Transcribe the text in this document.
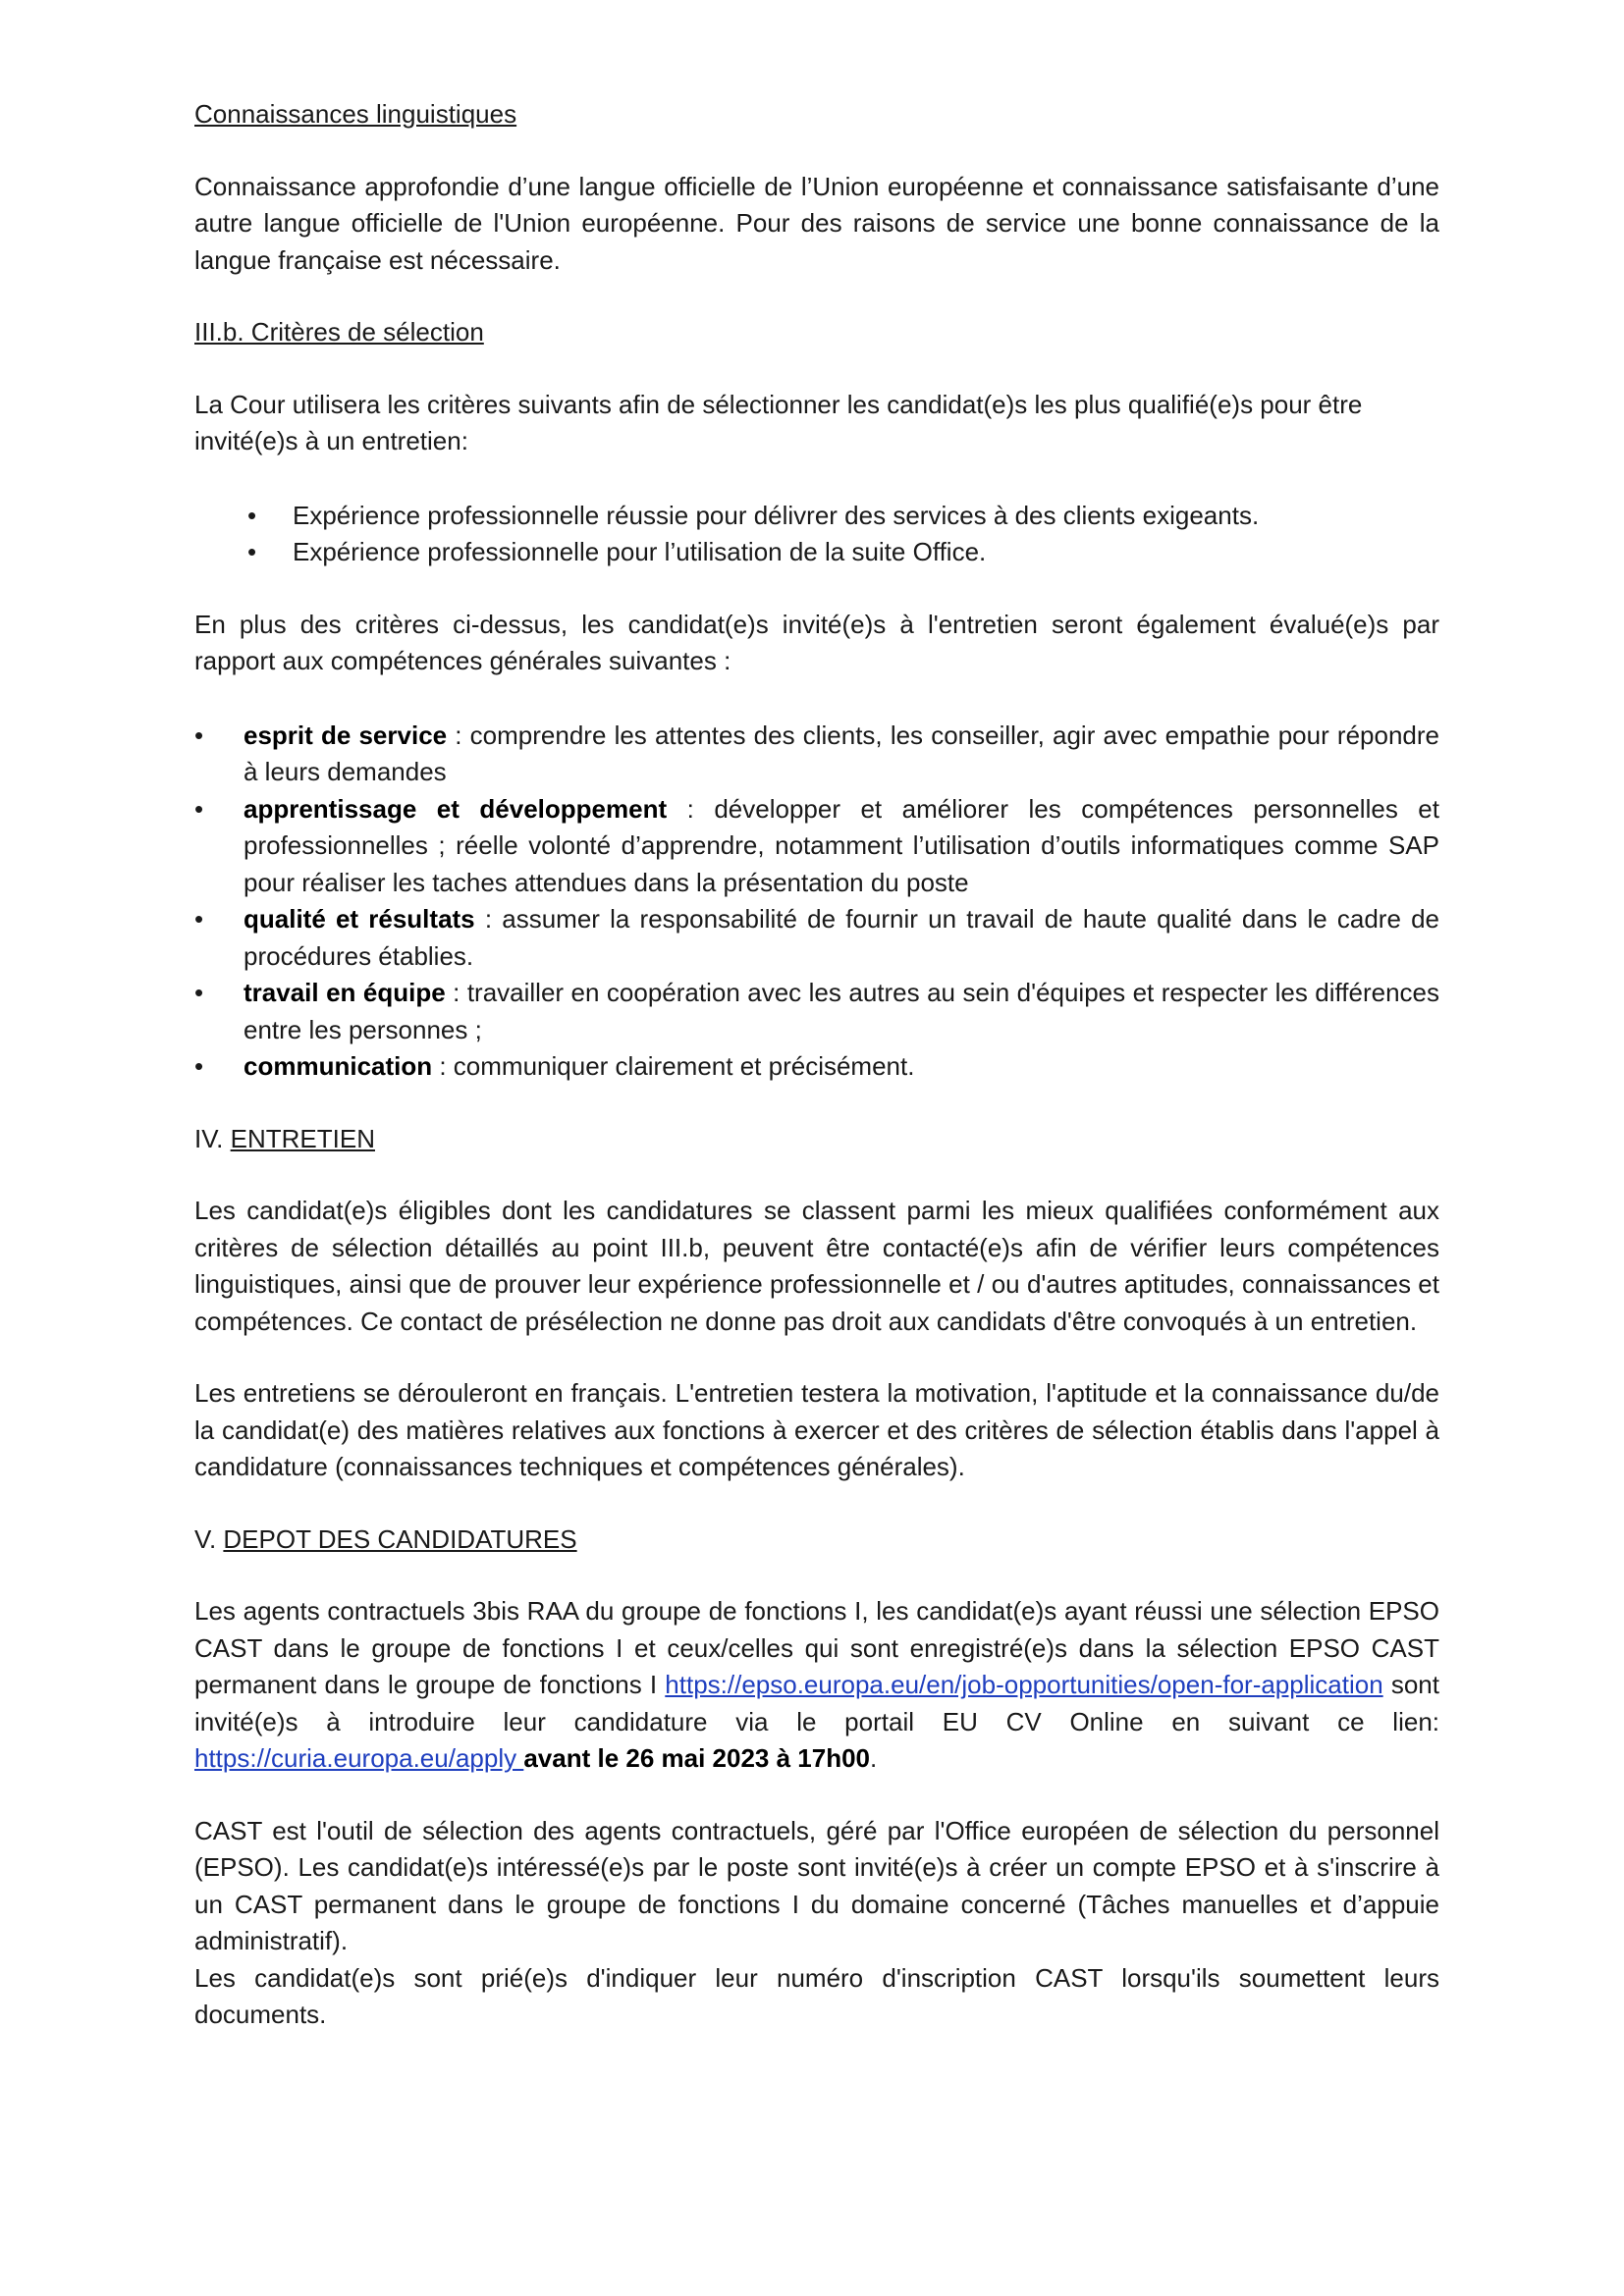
Connaissances linguistiques

Connaissance approfondie d’une langue officielle de l’Union européenne et connaissance satisfaisante d’une autre langue officielle de l'Union européenne. Pour des raisons de service une bonne connaissance de la langue française est nécessaire.

III.b. Critères de sélection

La Cour utilisera les critères suivants afin de sélectionner les candidat(e)s les plus qualifié(e)s pour être invité(e)s à un entretien:

• Expérience professionnelle réussie pour délivrer des services à des clients exigeants.
• Expérience professionnelle pour l’utilisation de la suite Office.

En plus des critères ci-dessus, les candidat(e)s invité(e)s à l'entretien seront également évalué(e)s par rapport aux compétences générales suivantes :

• esprit de service : comprendre les attentes des clients, les conseiller, agir avec empathie pour répondre à leurs demandes
• apprentissage et développement : développer et améliorer les compétences personnelles et professionnelles ; réelle volonté d’apprendre, notamment l’utilisation d’outils informatiques comme SAP pour réaliser les taches attendues dans la présentation du poste
• qualité et résultats : assumer la responsabilité de fournir un travail de haute qualité dans le cadre de procédures établies.
• travail en équipe : travailler en coopération avec les autres au sein d'équipes et respecter les différences entre les personnes ;
• communication : communiquer clairement et précisément.

IV. ENTRETIEN

Les candidat(e)s éligibles dont les candidatures se classent parmi les mieux qualifiées conformément aux critères de sélection détaillés au point III.b, peuvent être contacté(e)s afin de vérifier leurs compétences linguistiques, ainsi que de prouver leur expérience professionnelle et / ou d'autres aptitudes, connaissances et compétences. Ce contact de présélection ne donne pas droit aux candidats d'être convoqués à un entretien.

Les entretiens se dérouleront en français. L'entretien testera la motivation, l'aptitude et la connaissance du/de la candidat(e) des matières relatives aux fonctions à exercer et des critères de sélection établis dans l'appel à candidature (connaissances techniques et compétences générales).

V. DEPOT DES CANDIDATURES

Les agents contractuels 3bis RAA du groupe de fonctions I, les candidat(e)s ayant réussi une sélection EPSO CAST dans le groupe de fonctions I et ceux/celles qui sont enregistré(e)s dans la sélection EPSO CAST permanent dans le groupe de fonctions I https://epso.europa.eu/en/job-opportunities/open-for-application sont invité(e)s à introduire leur candidature via le portail EU CV Online en suivant ce lien: https://curia.europa.eu/apply avant le 26 mai 2023 à 17h00.

CAST est l'outil de sélection des agents contractuels, géré par l'Office européen de sélection du personnel (EPSO). Les candidat(e)s intéressé(e)s par le poste sont invité(e)s à créer un compte EPSO et à s'inscrire à un CAST permanent dans le groupe de fonctions I du domaine concerné (Tâches manuelles et d’appuie administratif).

Les candidat(e)s sont prié(e)s d'indiquer leur numéro d'inscription CAST lorsqu'ils soumettent leurs documents.
